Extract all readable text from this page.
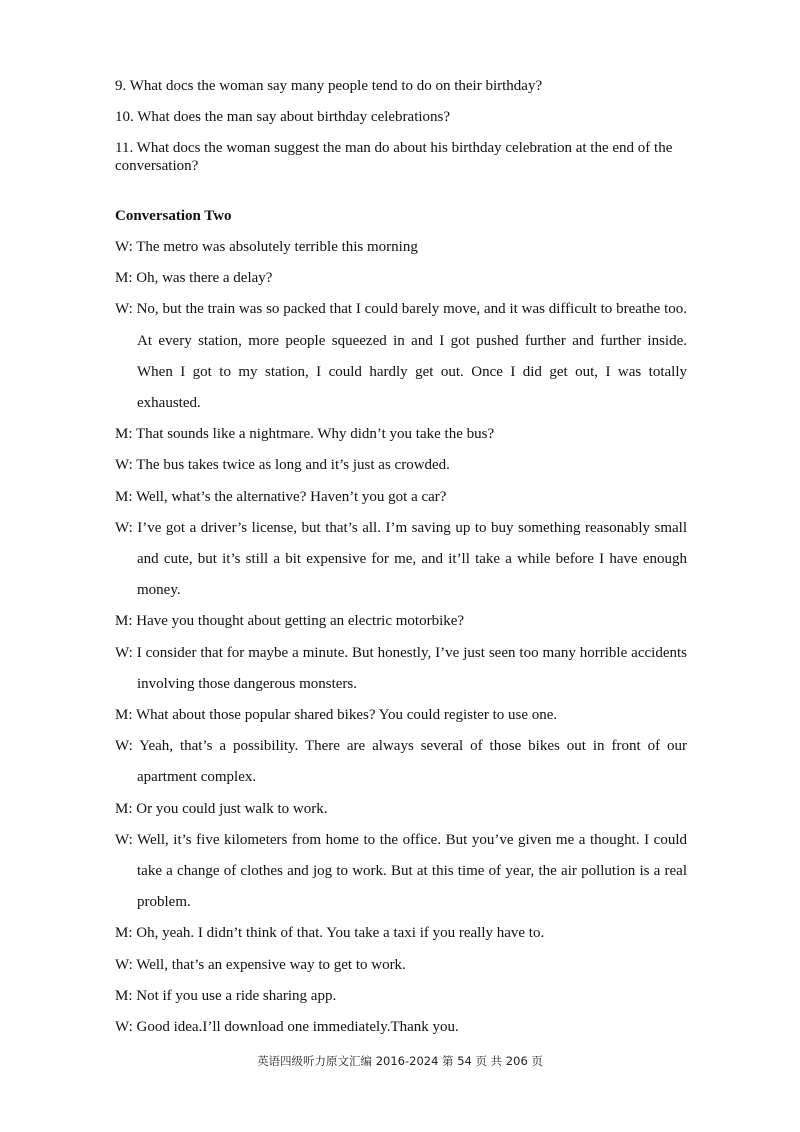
9. What docs the woman say many people tend to do on their birthday?

10. What does the man say about birthday celebrations?

11. What docs the woman suggest the man do about his birthday celebration at the end of the conversation?

Conversation Two

W: The metro was absolutely terrible this morning

M: Oh, was there a delay?

W: No, but the train was so packed that I could barely move, and it was difficult to breathe too. At every station, more people squeezed in and I got pushed further and further inside. When I got to my station, I could hardly get out. Once I did get out, I was totally exhausted.

M: That sounds like a nightmare. Why didn’t you take the bus?

W: The bus takes twice as long and it’s just as crowded.

M: Well, what’s the alternative? Haven’t you got a car?

W: I’ve got a driver’s license, but that’s all. I’m saving up to buy something reasonably small and cute, but it’s still a bit expensive for me, and it’ll take a while before I have enough money.

M: Have you thought about getting an electric motorbike?

W: I consider that for maybe a minute. But honestly, I’ve just seen too many horrible accidents involving those dangerous monsters.

M: What about those popular shared bikes? You could register to use one.

W: Yeah, that’s a possibility. There are always several of those bikes out in front of our apartment complex.

M: Or you could just walk to work.

W: Well, it’s five kilometers from home to the office. But you’ve given me a thought. I could take a change of clothes and jog to work. But at this time of year, the air pollution is a real problem.

M: Oh, yeah. I didn’t think of that. You take a taxi if you really have to.

W: Well, that’s an expensive way to get to work.

M: Not if you use a ride sharing app.

W: Good idea.I’ll download one immediately.Thank you.

英语四级听力原文汇编 2016-2024 第 54 页 共 206 页
